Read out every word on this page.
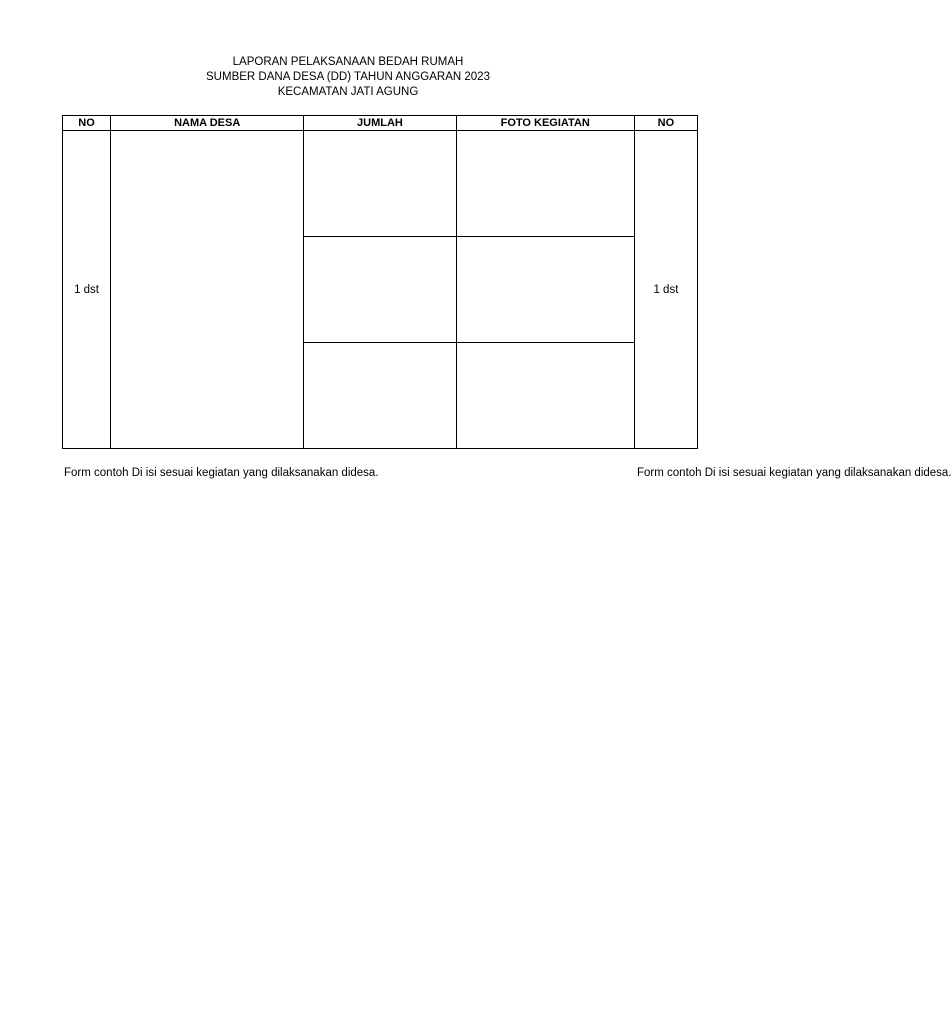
LAPORAN PELAKSANAAN BEDAH RUMAH
SUMBER DANA DESA (DD) TAHUN ANGGARAN 2023
KECAMATAN JATI AGUNG
NO	NAMA DESA	JUMLAH	FOTO KEGIATAN	NO
1 dst				1 dst

Form contoh Di isi sesuai kegiatan yang dilaksanakan didesa.	Form contoh Di isi sesuai kegiatan yang dilaksanakan didesa.
